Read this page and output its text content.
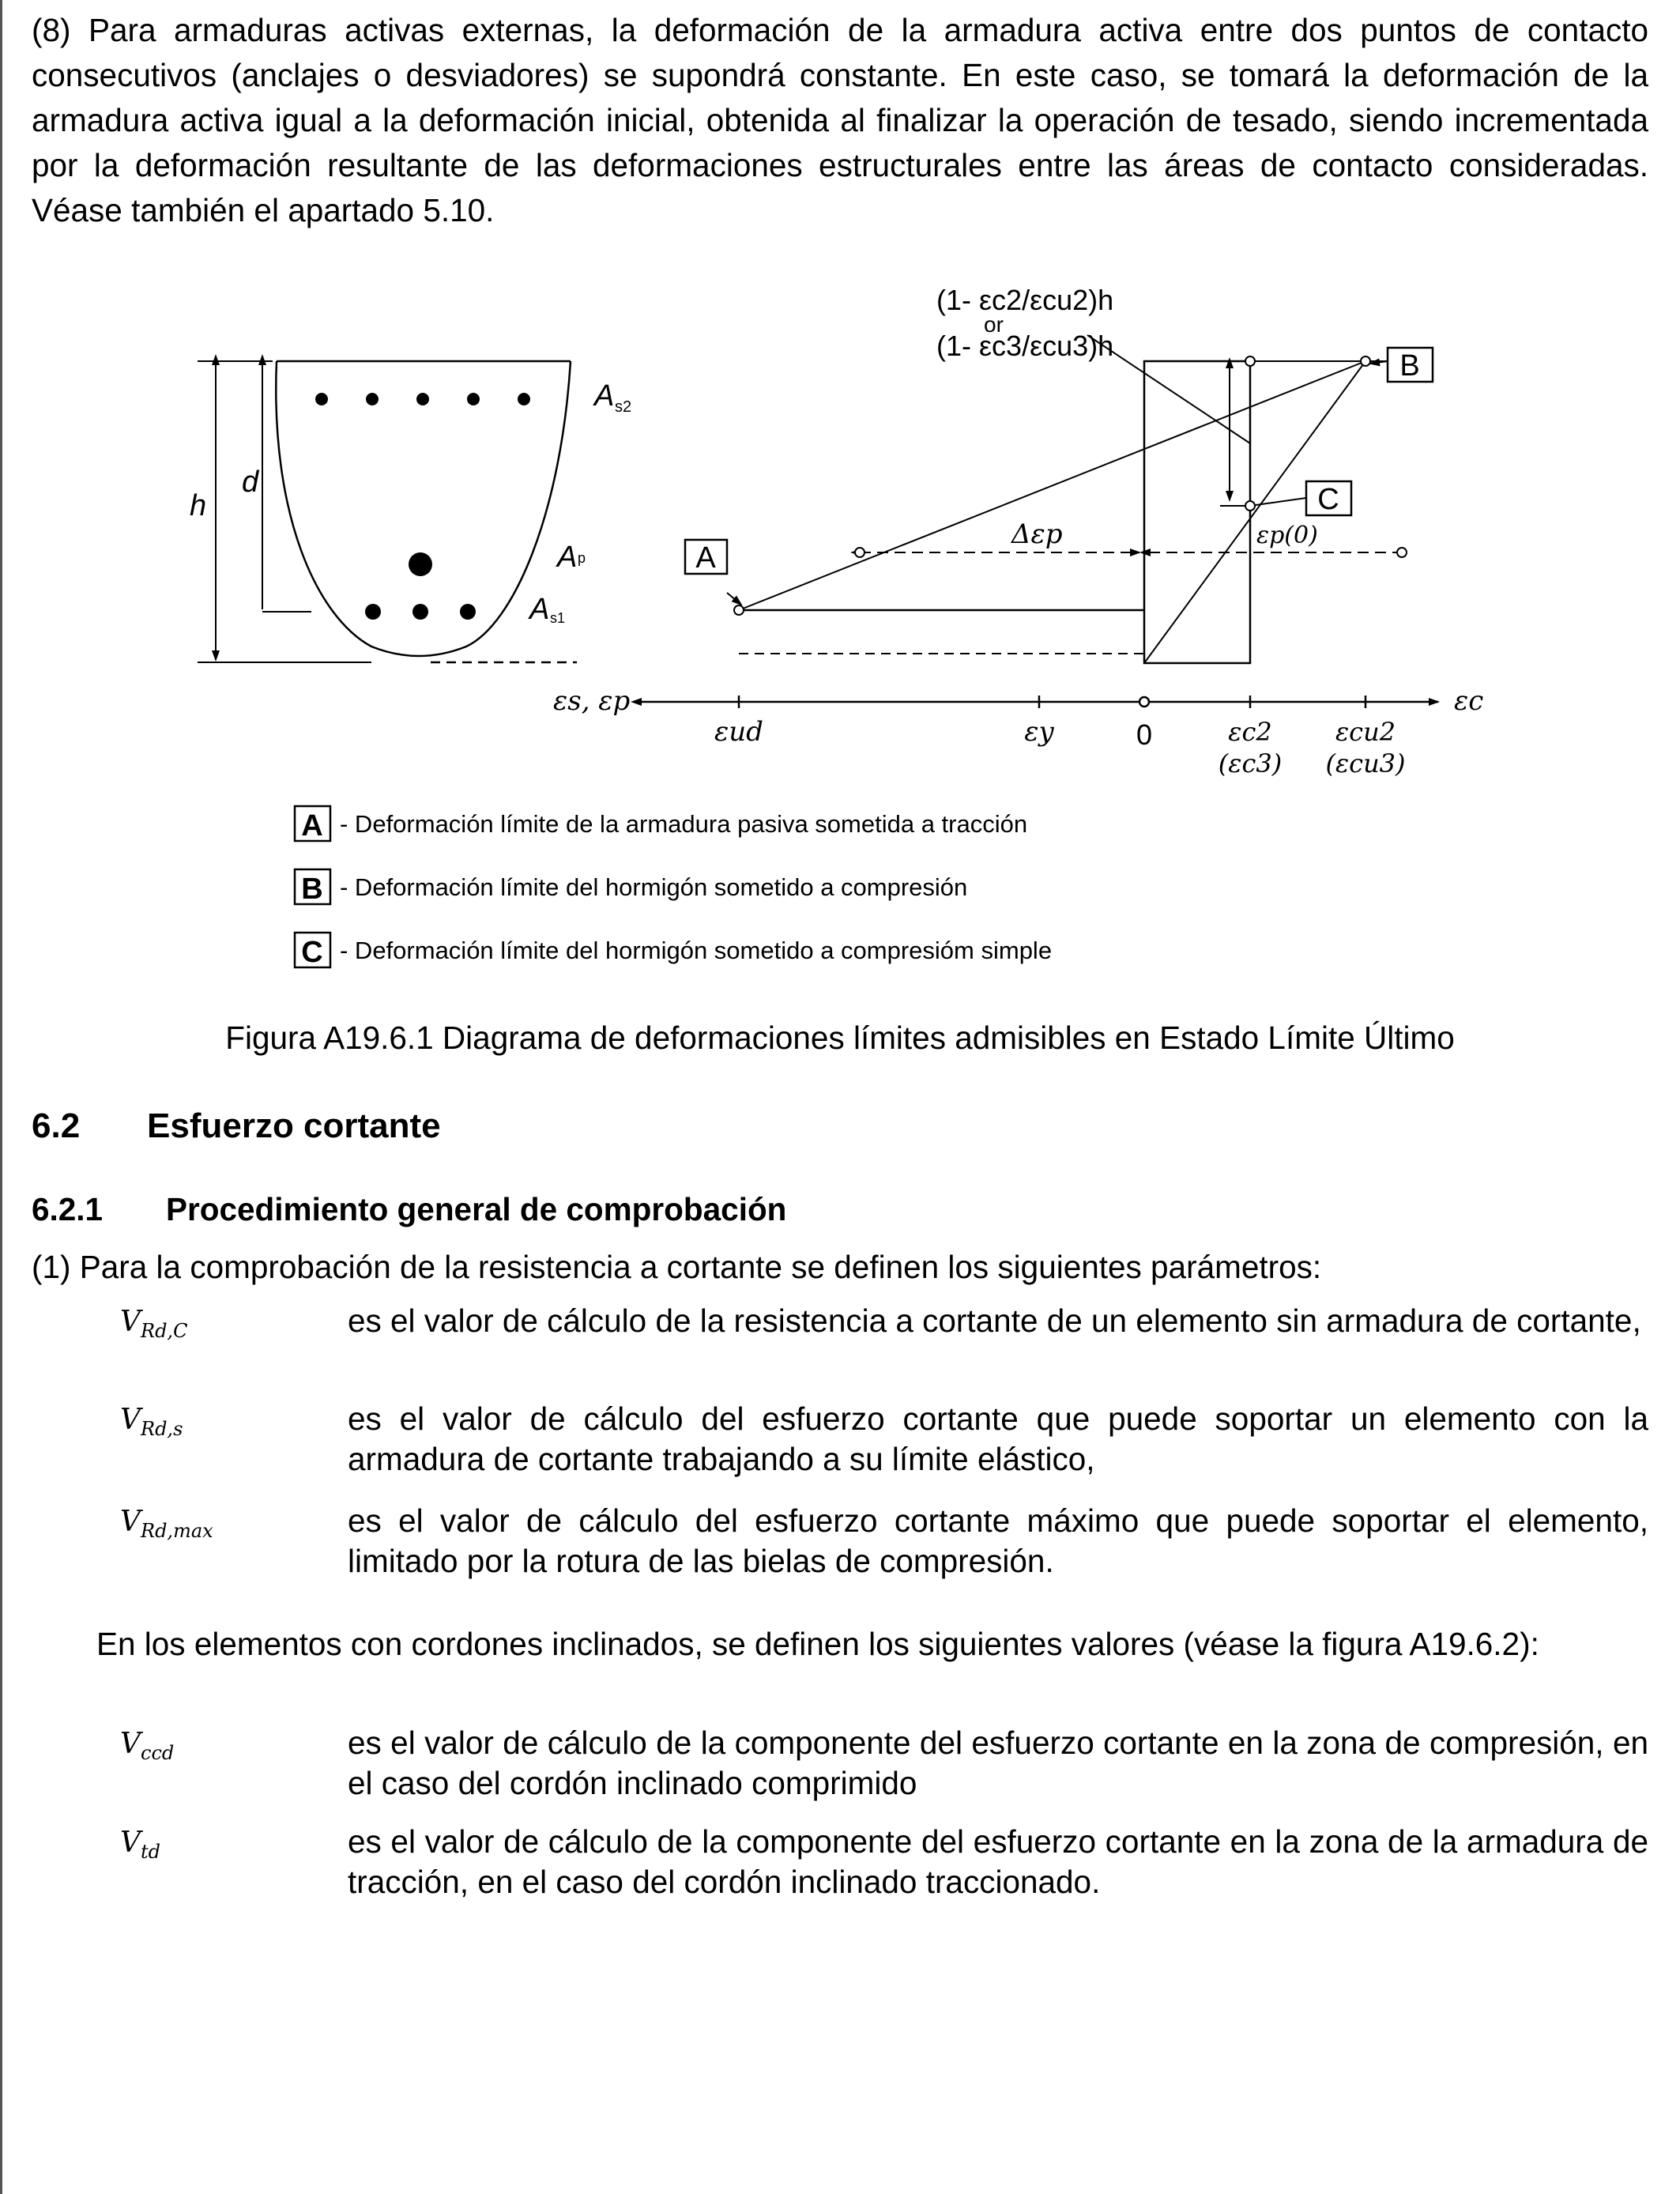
(8) Para armaduras activas externas, la deformación de la armadura activa entre dos puntos de contacto consecutivos (anclajes o desviadores) se supondrá constante. En este caso, se tomará la deformación de la armadura activa igual a la deformación inicial, obtenida al finalizar la operación de tesado, siendo incrementada por la deformación resultante de las deformaciones estructurales entre las áreas de contacto consideradas. Véase también el apartado 5.10.

h
d
A s2
A p
A s1
A
B
C
(1- εc2/εcu2)h
or
(1- εc3/εcu3)h
Δεp	εp(0)
εs, εp	εc
εud	εy	0	εc2
(εc3)
εcu2
(εcu3)
A - Deformación límite de la armadura pasiva sometida a tracción
B - Deformación límite del hormigón sometido a compresión
C - Deformación límite del hormigón sometido a compresióm simple
Figura A19.6.1 Diagrama de deformaciones límites admisibles en Estado Límite Último
6.2 Esfuerzo cortante
6.2.1 Procedimiento general de comprobación

(1) Para la comprobación de la resistencia a cortante se definen los siguientes parámetros:

$V_{Rd,C}$	es el valor de cálculo de la resistencia a cortante de un elemento sin armadura de cortante,
$V_{Rd,s}$	es el valor de cálculo del esfuerzo cortante que puede soportar un elemento con la armadura de cortante trabajando a su límite elástico,
$V_{Rd,max}$	es el valor de cálculo del esfuerzo cortante máximo que puede soportar el elemento, limitado por la rotura de las bielas de compresión.

En los elementos con cordones inclinados, se definen los siguientes valores (véase la figura A19.6.2):

$V_{ccd}$	es el valor de cálculo de la componente del esfuerzo cortante en la zona de compresión, en el caso del cordón inclinado comprimido
$V_{td}$	es el valor de cálculo de la componente del esfuerzo cortante en la zona de la armadura de tracción, en el caso del cordón inclinado traccionado.
